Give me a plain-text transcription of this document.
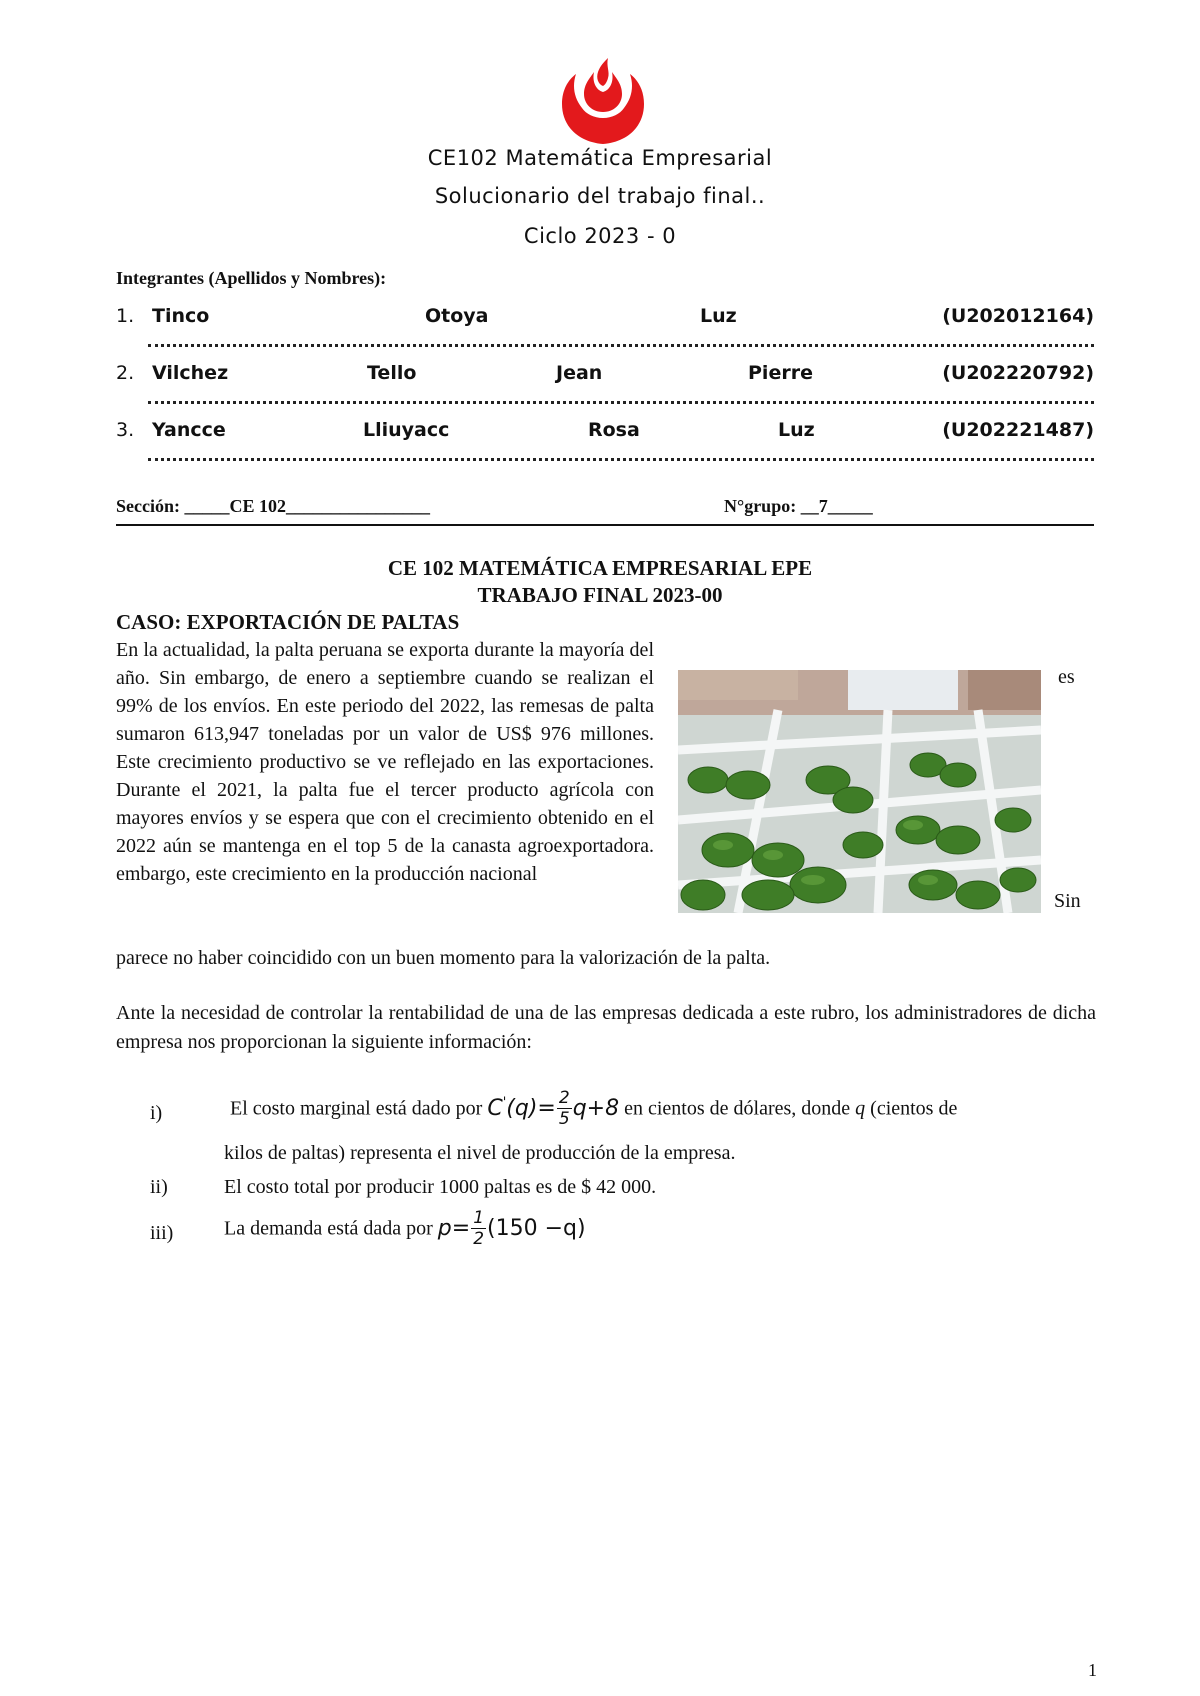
CE102 Matemática Empresarial
Solucionario del trabajo final..
Ciclo 2023 - 0
Integrantes (Apellidos y Nombres):
1. Tinco	Otoya	Luz	(U202012164)
2. Vilchez	Tello	Jean	Pierre	(U202220792)
3. Yancce	Lliuyacc	Rosa	Luz	(U202221487)
Sección: _____CE 102________________	N°grupo: __7_____
CE 102 MATEMÁTICA EMPRESARIAL EPE
TRABAJO FINAL 2023-00
CASO: EXPORTACIÓN DE PALTAS
En la actualidad, la palta peruana se exporta durante la mayoría del año. Sin embargo, de enero a septiembre cuando se realizan el 99% de los envíos. En este periodo del 2022, las remesas de palta sumaron 613,947 toneladas por un valor de US$ 976 millones. Este crecimiento productivo se ve reflejado en las exportaciones. Durante el 2021, la palta fue el tercer producto agrícola con mayores envíos y se espera que con el crecimiento obtenido en el 2022 aún se mantenga en el top 5 de la canasta agroexportadora. embargo, este crecimiento en la producción nacional
es
Sin
parece no haber coincidido con un buen momento para la valorización de la palta.
Ante la necesidad de controlar la rentabilidad de una de las empresas dedicada a este rubro, los administradores de dicha empresa nos proporcionan la siguiente información:
i)	El costo marginal está dado por $C'(q)= \frac{2}{5} q+8$ en cientos de dólares, donde q (cientos de
kilos de paltas) representa el nivel de producción de la empresa.
ii)	El costo total por producir 1000 paltas es de $ 42 000.
iii)	La demanda está dada por $p= \frac{1}{2} (150 -q)$
1
